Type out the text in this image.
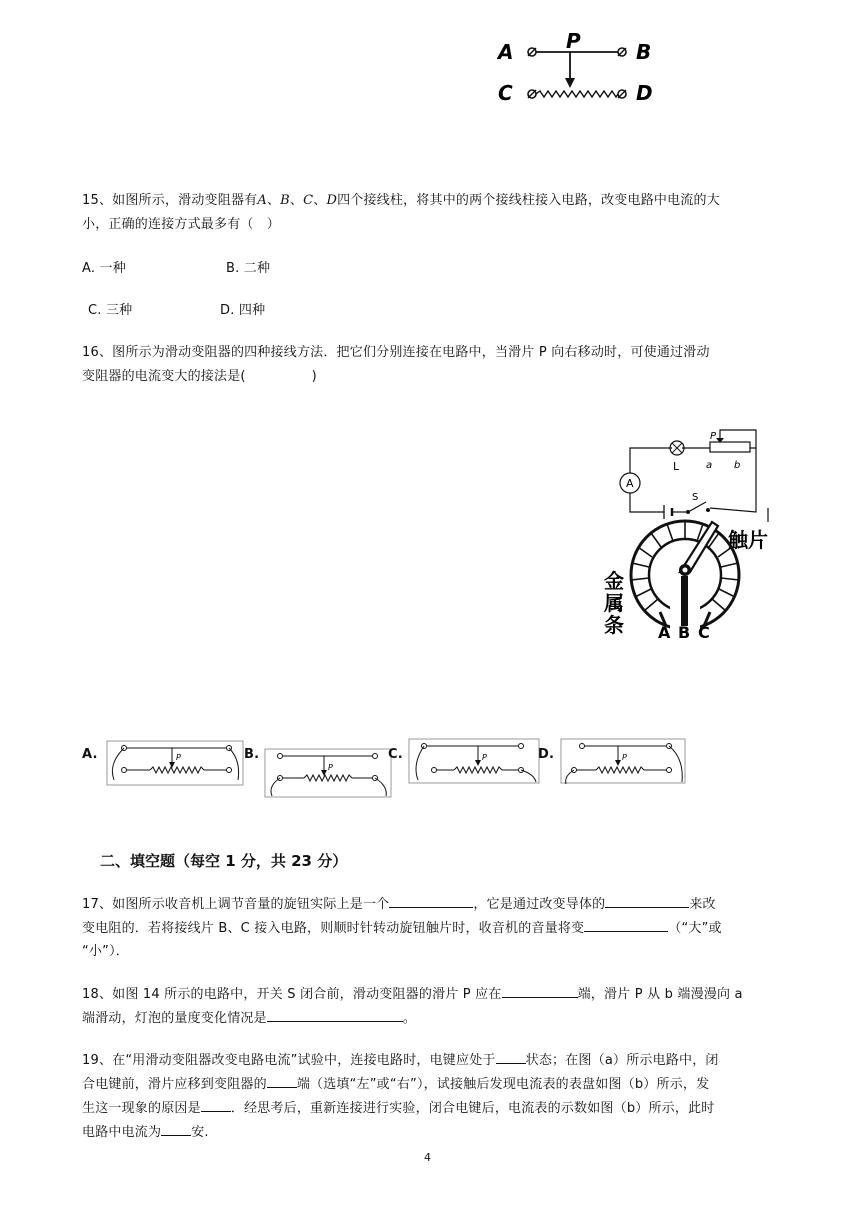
A	P	B
C	D
15、如图所示，滑动变阻器有A、B、C、D四个接线柱，将其中的两个接线柱接入电路，改变电路中电流的大
小，正确的连接方式最多有（　）
A. 一种	B. 二种
C. 三种	D. 四种
16、图所示为滑动变阻器的四种接线方法．把它们分别连接在电路中，当滑片 P 向右移动时，可使通过滑动
变阻器的电流变大的接法是(　　　　　)
A
L
P
a b
S
触片
金属条 A B C
A.	P	B.
P
C.	P	D.	P
二、填空题（每空 1 分，共 23 分）
17、如图所示收音机上调节音量的旋钮实际上是一个	，它是通过改变导体的	来改
变电阻的．若将接线片 B、C 接入电路，则顺时针转动旋钮触片时，收音机的音量将变	（“大”或
“小”）．
18、如图 14 所示的电路中，开关 S 闭合前，滑动变阻器的滑片 P 应在	端，滑片 P 从 b 端漫漫向 a
端滑动，灯泡的量度变化情况是	。
19、在“用滑动变阻器改变电路电流”试验中，连接电路时，电键应处于 状态；在图（a）所示电路中，闭
合电键前，滑片应移到变阻器的 端（选填“左”或“右”），试接触后发现电流表的表盘如图（b）所示，发
生这一现象的原因是 ．经思考后，重新连接进行实验，闭合电键后，电流表的示数如图（b）所示，此时
电路中电流为 安.
4
